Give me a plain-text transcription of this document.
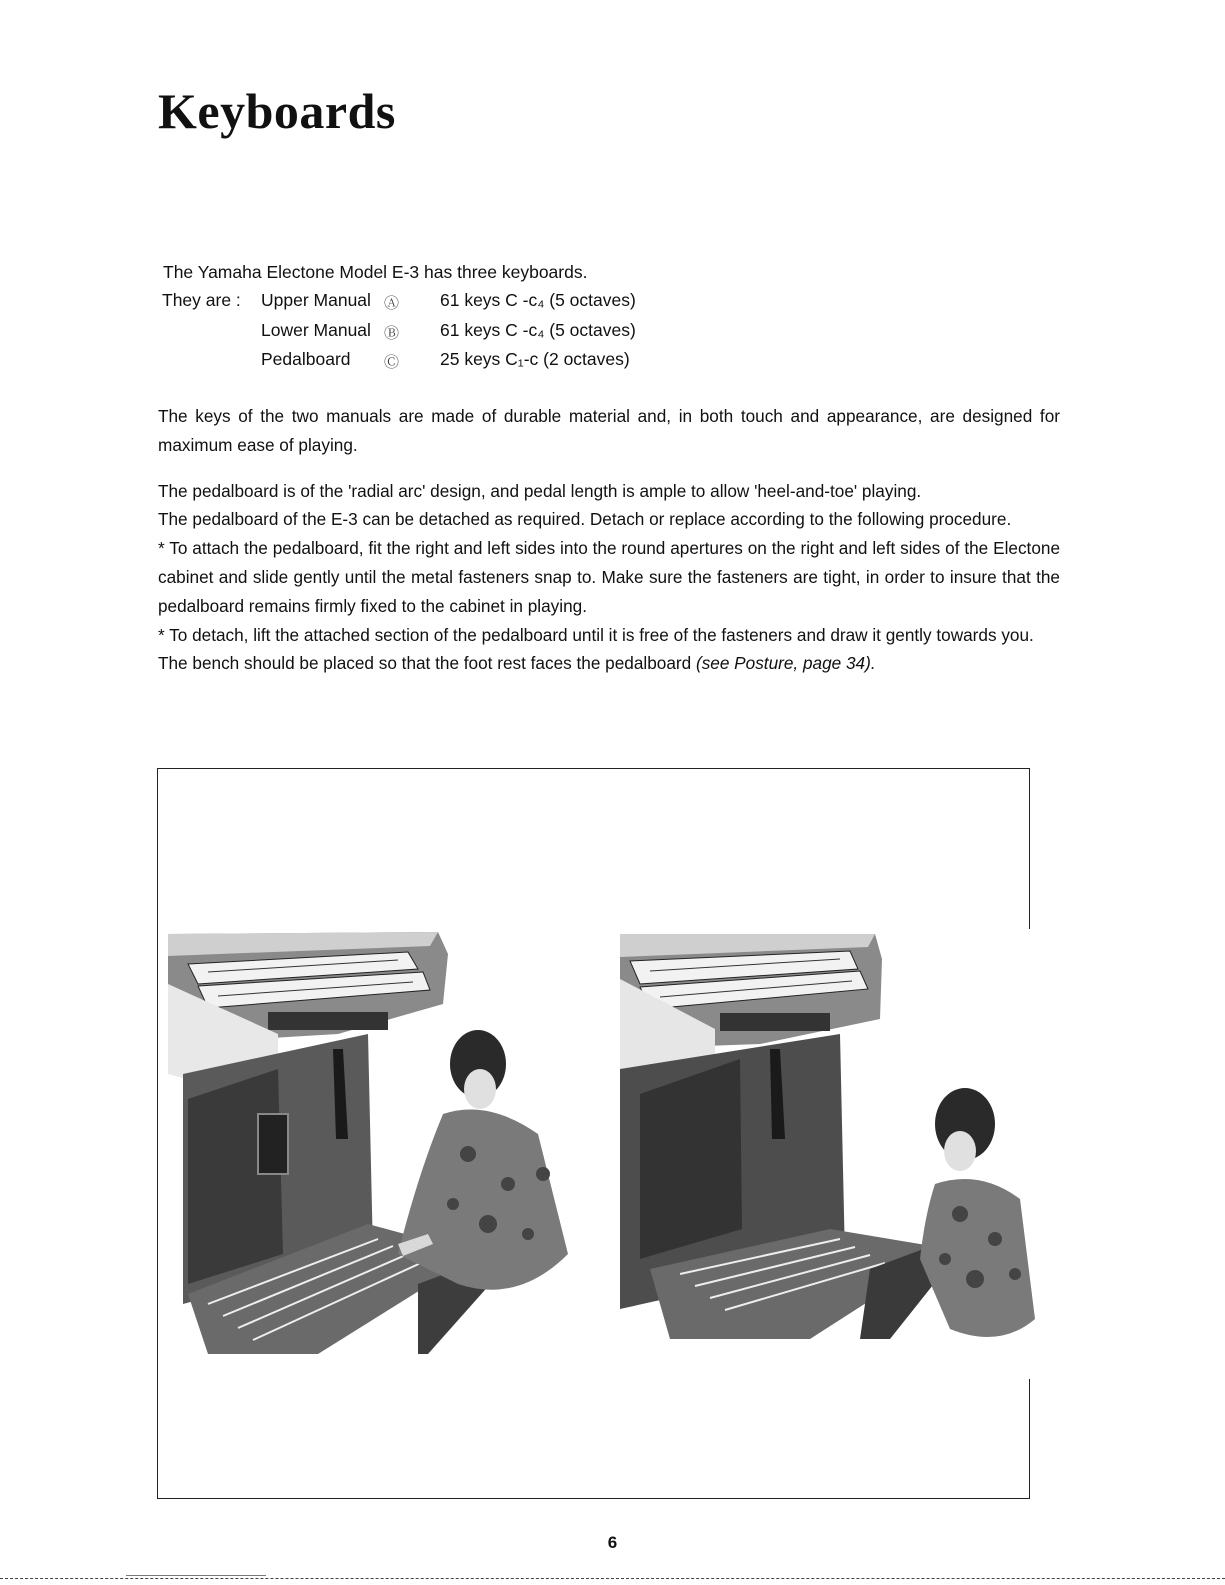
Keyboards
The Yamaha Electone Model E-3 has three keyboards.
They are : Upper Manual Ⓐ 61 keys C -c₄ (5 octaves)
Lower Manual Ⓑ 61 keys C -c₄ (5 octaves)
Pedalboard Ⓒ 25 keys C₁-c (2 octaves)

The keys of the two manuals are made of durable material and, in both touch and appearance, are designed for maximum ease of playing.

The pedalboard is of the 'radial arc' design, and pedal length is ample to allow 'heel-and-toe' playing.

The pedalboard of the E-3 can be detached as required. Detach or replace according to the following procedure.

* To attach the pedalboard, fit the right and left sides into the round apertures on the right and left sides of the Electone cabinet and slide gently until the metal fasteners snap to. Make sure the fasteners are tight, in order to insure that the pedalboard remains firmly fixed to the cabinet in playing.

* To detach, lift the attached section of the pedalboard until it is free of the fasteners and draw it gently towards you.

The bench should be placed so that the foot rest faces the pedalboard (see Posture, page 34).

6
